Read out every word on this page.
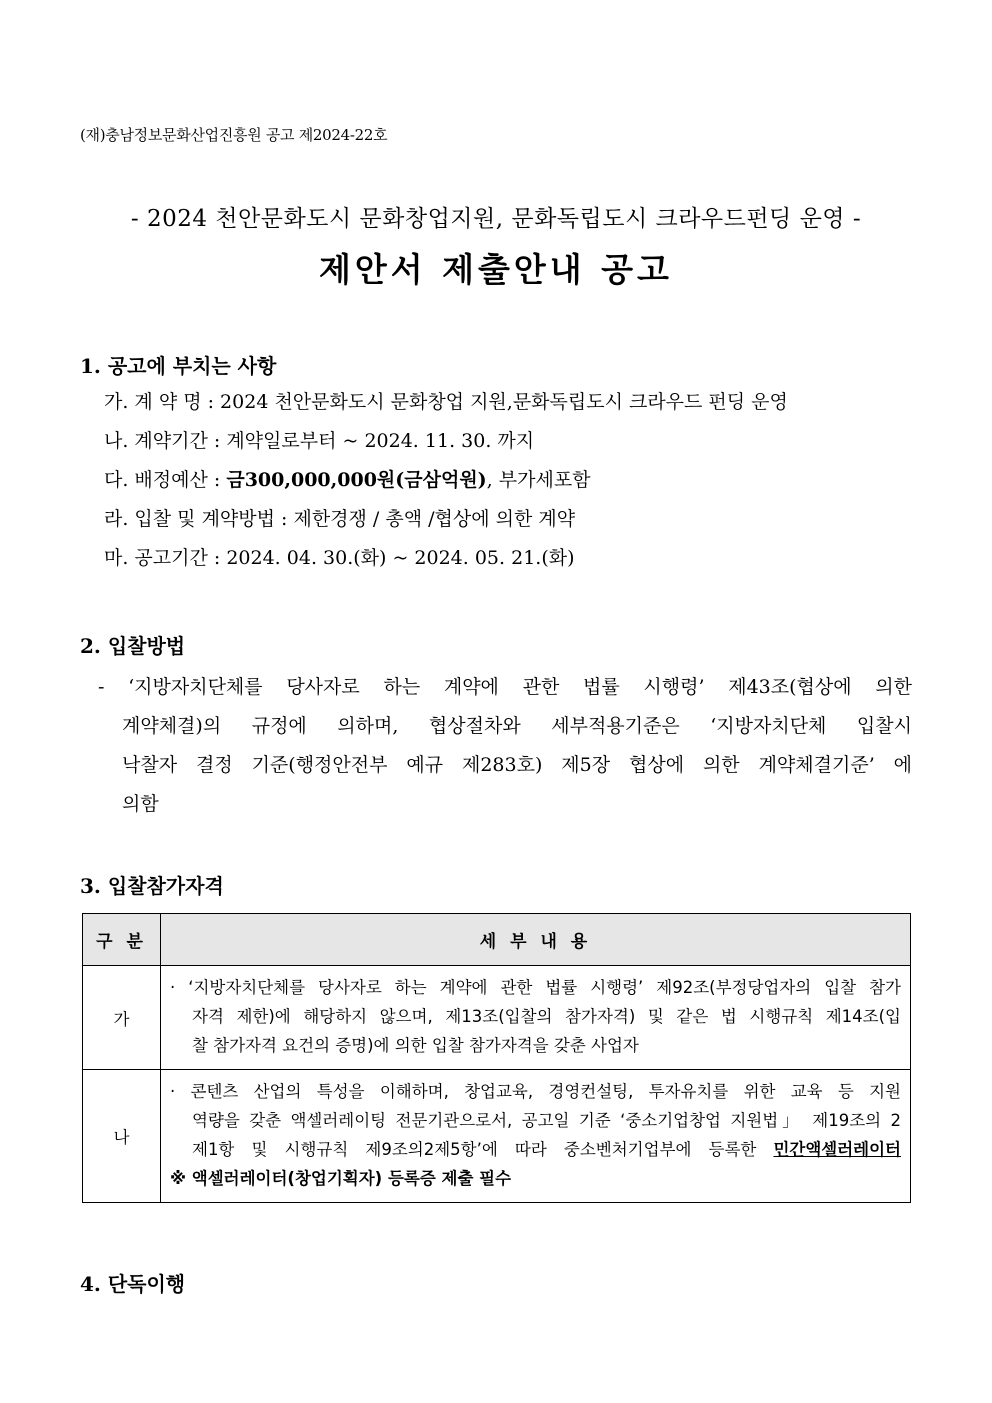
(재)충남정보문화산업진흥원 공고 제2024-22호
- 2024 천안문화도시 문화창업지원, 문화독립도시 크라우드펀딩 운영 -
제안서 제출안내 공고
1. 공고에 부치는 사항
가. 계 약 명 : 2024 천안문화도시 문화창업 지원,문화독립도시 크라우드 펀딩 운영
나. 계약기간 : 계약일로부터 ~ 2024. 11. 30. 까지
다. 배정예산 : 금300,000,000원(금삼억원), 부가세포함
라. 입찰 및 계약방법 : 제한경쟁 / 총액 /협상에 의한 계약
마. 공고기간 : 2024. 04. 30.(화) ~ 2024. 05. 21.(화)
2. 입찰방법
- ‘지방자치단체를 당사자로 하는 계약에 관한 법률 시행령’ 제43조(협상에 의한
계약체결)의 규정에 의하며, 협상절차와 세부적용기준은 ‘지방자치단체 입찰시
낙찰자 결정 기준(행정안전부 예규 제283호) 제5장 협상에 의한 계약체결기준’ 에
의함
3. 입찰참가자격
구 분	세 부 내 용
가	· ‘지방자치단체를 당사자로 하는 계약에 관한 법률 시행령’ 제92조(부정당업자의 입찰 참가
자격 제한)에 해당하지 않으며, 제13조(입찰의 참가자격) 및 같은 법 시행규칙 제14조(입
찰 참가자격 요건의 증명)에 의한 입찰 참가자격을 갖춘 사업자

나	· 콘텐츠 산업의 특성을 이해하며, 창업교육, 경영컨설팅, 투자유치를 위한 교육 등 지원
역량을 갖춘 액셀러레이팅 전문기관으로서, 공고일 기준 ‘중소기업창업 지원법」 제19조의 2
제1항 및 시행규칙 제9조의2제5항’에 따라 중소벤처기업부에 등록한 민간액셀러레이터
※ 액셀러레이터(창업기획자) 등록증 제출 필수
4. 단독이행
